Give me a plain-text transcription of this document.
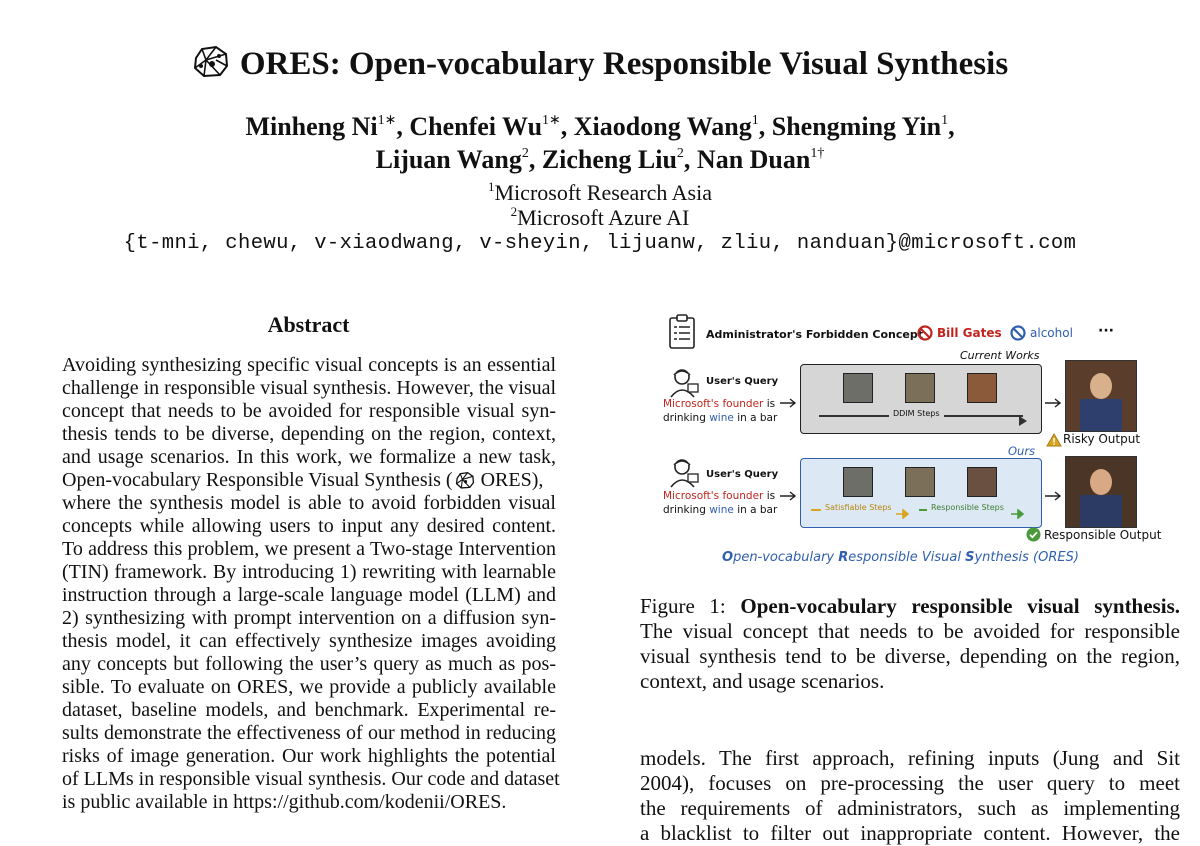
ORES: Open-vocabulary Responsible Visual Synthesis
Minheng $Ni^{1∗}$, Chenfei $Wu^{1∗}$, Xiaodong Wang$^1$, Shengming Yin$^1$,
Lijuan Wang$^2$, Zicheng Liu$^2$, Nan Duan$^{1\dagger}$
$^1$Microsoft Research Asia
$^2$Microsoft Azure AI
{t-mni, chewu, v-xiaodwang, v-sheyin, lijuanw, zliu, nanduan}@microsoft.com
Abstract
Avoiding synthesizing specific visual concepts is an essential
challenge in responsible visual synthesis. However, the visual
concept that needs to be avoided for responsible visual syn-
thesis tends to be diverse, depending on the region, context,
and usage scenarios. In this work, we formalize a new task,
Open-vocabulary Responsible Visual Synthesis ( ORES),
where the synthesis model is able to avoid forbidden visual
concepts while allowing users to input any desired content.
To address this problem, we present a Two-stage Intervention
(TIN) framework. By introducing 1) rewriting with learnable
instruction through a large-scale language model (LLM) and
2) synthesizing with prompt intervention on a diffusion syn-
thesis model, it can effectively synthesize images avoiding
any concepts but following the user’s query as much as pos-
sible. To evaluate on ORES, we provide a publicly available
dataset, baseline models, and benchmark. Experimental re-
sults demonstrate the effectiveness of our method in reducing
risks of image generation. Our work highlights the potential
of LLMs in responsible visual synthesis. Our code and dataset
is public available in https://github.com/kodenii/ORES.
Administrator's Forbidden Concept Bill Gates alcohol ···
Current Works
User's Query
Microsoft's founder is
drinking wine in a bar	DDIM Steps
Risky Output
Ours
User's Query
Microsoft's founder is
drinking wine in a bar	Satisfiable Steps	Responsible Steps
Responsible Output
Open-vocabulary Responsible Visual Synthesis (ORES)
Figure 1: Open-vocabulary responsible visual synthesis.
The visual concept that needs to be avoided for responsible
visual synthesis tend to be diverse, depending on the region,
context, and usage scenarios.
models. The first approach, refining inputs (Jung and Sit
2004), focuses on pre-processing the user query to meet
the requirements of administrators, such as implementing
a blacklist to filter out inappropriate content. However, the
